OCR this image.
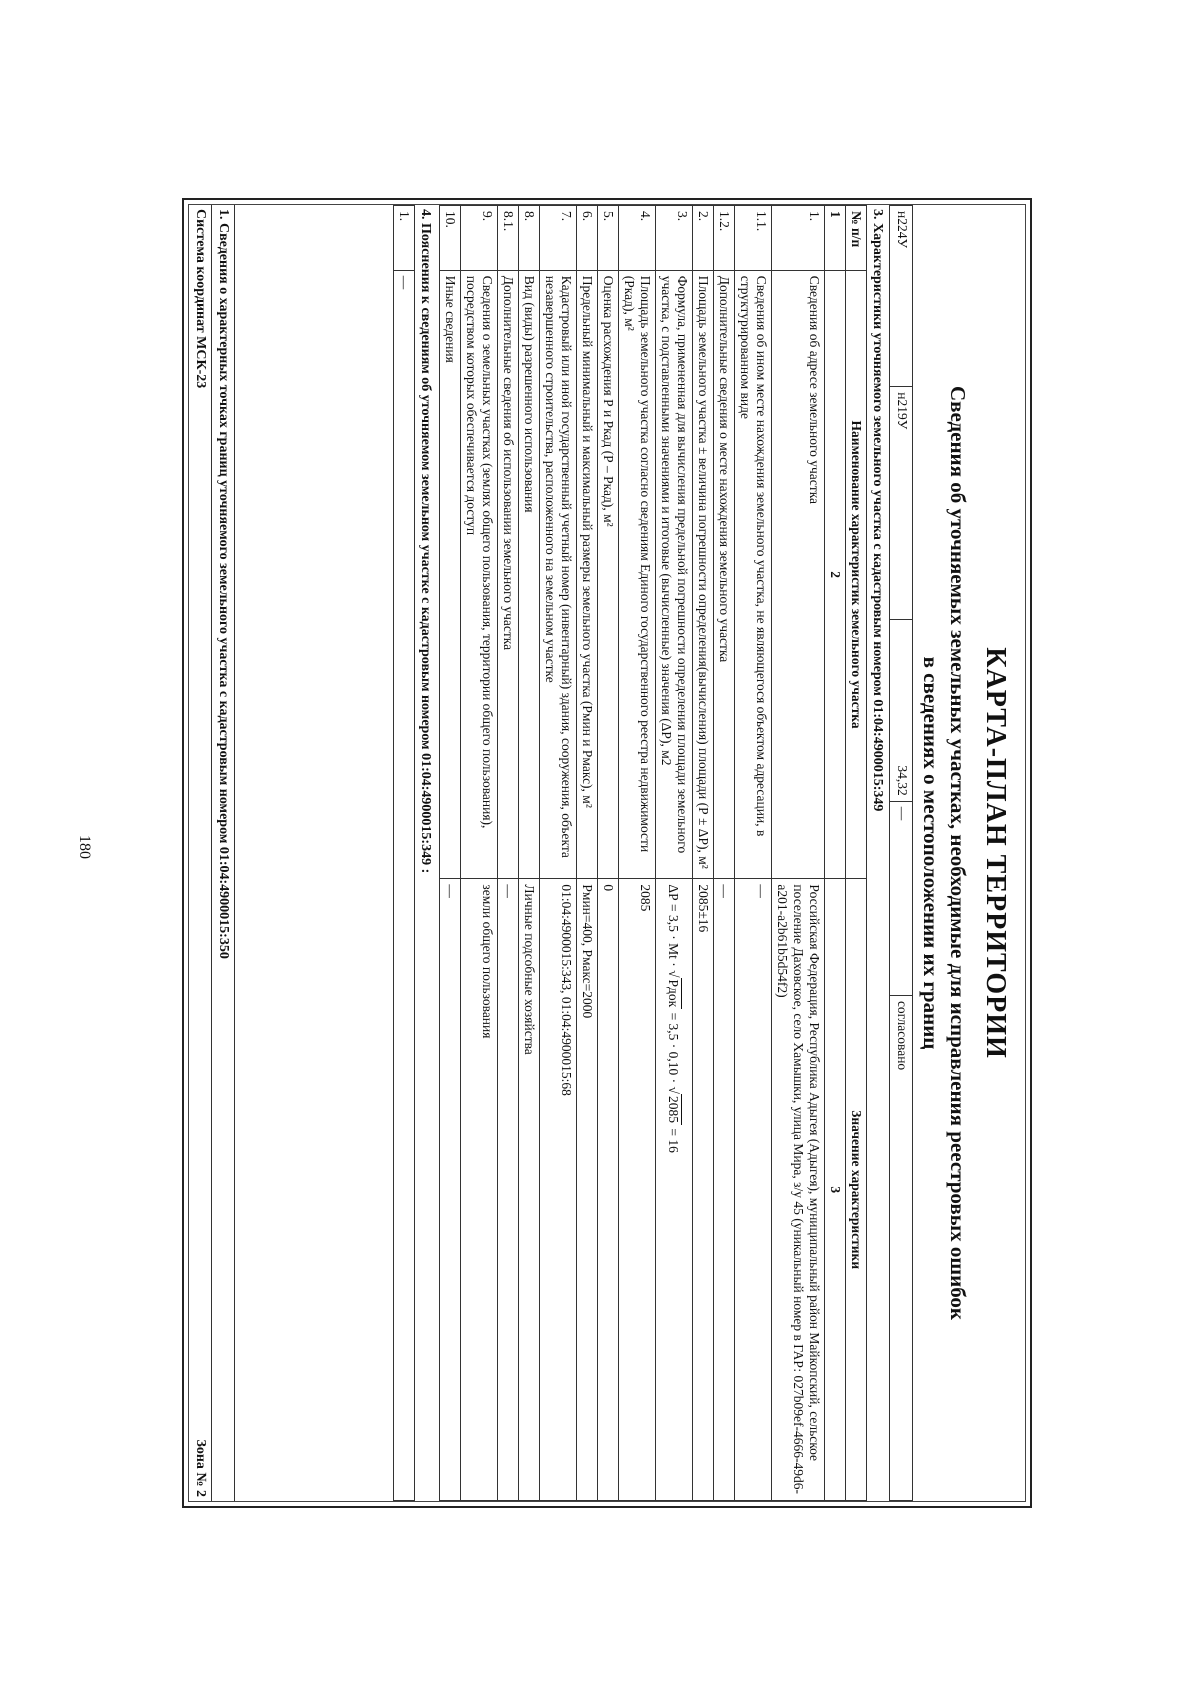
180	КАРТА-ПЛАН ТЕРРИТОРИИ
Сведения об уточняемых земельных участках, необходимые для исправления реестровых ошибок
в сведениях о местоположении их границ
н224У	н219У	34,32	—	согласовано
3. Характеристики уточняемого земельного участка с кадастровым номером 01:04:4900015:349
№ п/п	Наименование характеристик земельного участка	Значение характеристики
1	2	3
1.	Сведения об адресе земельного участка	Российская Федерация, Республика Адыгея (Адыгея), муниципальный район Майкопский, сельское поселение Даховское, село Хамышки, улица Мира, з/у 45 (уникальный номер в ГАР: 027b09ef-4666-49d6-a201-a2b61b5d54f2)
1.1.	Сведения об ином месте нахождения земельного участка, не являющегося объектом адресации, в структурированном виде	—
1.2.	Дополнительные сведения о месте нахождения земельного участка	—
2.	Площадь земельного участка ± величина погрешности определения(вычисления) площади (Р ± ΔР), м²	2085±16
3.	Формула, примененная для вычисления предельной погрешности определения площади земельного участка, с подставленными значениями и итоговые (вычисленные) значения (ΔР), м2	ΔР = 3,5 · Мt · √Pдок = 3,5 · 0,10 · √2085 = 16
4.	Площадь земельного участка согласно сведениям Единого государственного реестра недвижимости (Ркад), м²	2085
5.	Оценка расхождения Р и Ркад (Р – Ркад), м²	0
6.	Предельный минимальный и максимальный размеры земельного участка (Рмин и Рмакс), м²	Рмин=400, Рмакс=2000
7.	Кадастровый или иной государственный учетный номер (инвентарный) здания, сооружения, объекта незавершенного строительства, расположенного на земельном участке	01:04:4900015:343, 01:04:4900015:68
8.	Вид (виды) разрешенного использования	Личные подсобные хозяйства
8.1.	Дополнительные сведения об использовании земельного участка	—
9.	Сведения о земельных участках (землях общего пользования, территории общего пользования), посредством которых обеспечивается доступ	земли общего пользования
10.	Иные сведения	—
4. Пояснения к сведениям об уточняемом земельном участке с кадастровым номером 01:04:4900015:349 :
1.	—
1. Сведения о характерных точках границ уточняемого земельного участка с кадастровым номером 01:04:4900015:350
Система координат МСК-23
Зона № 2
